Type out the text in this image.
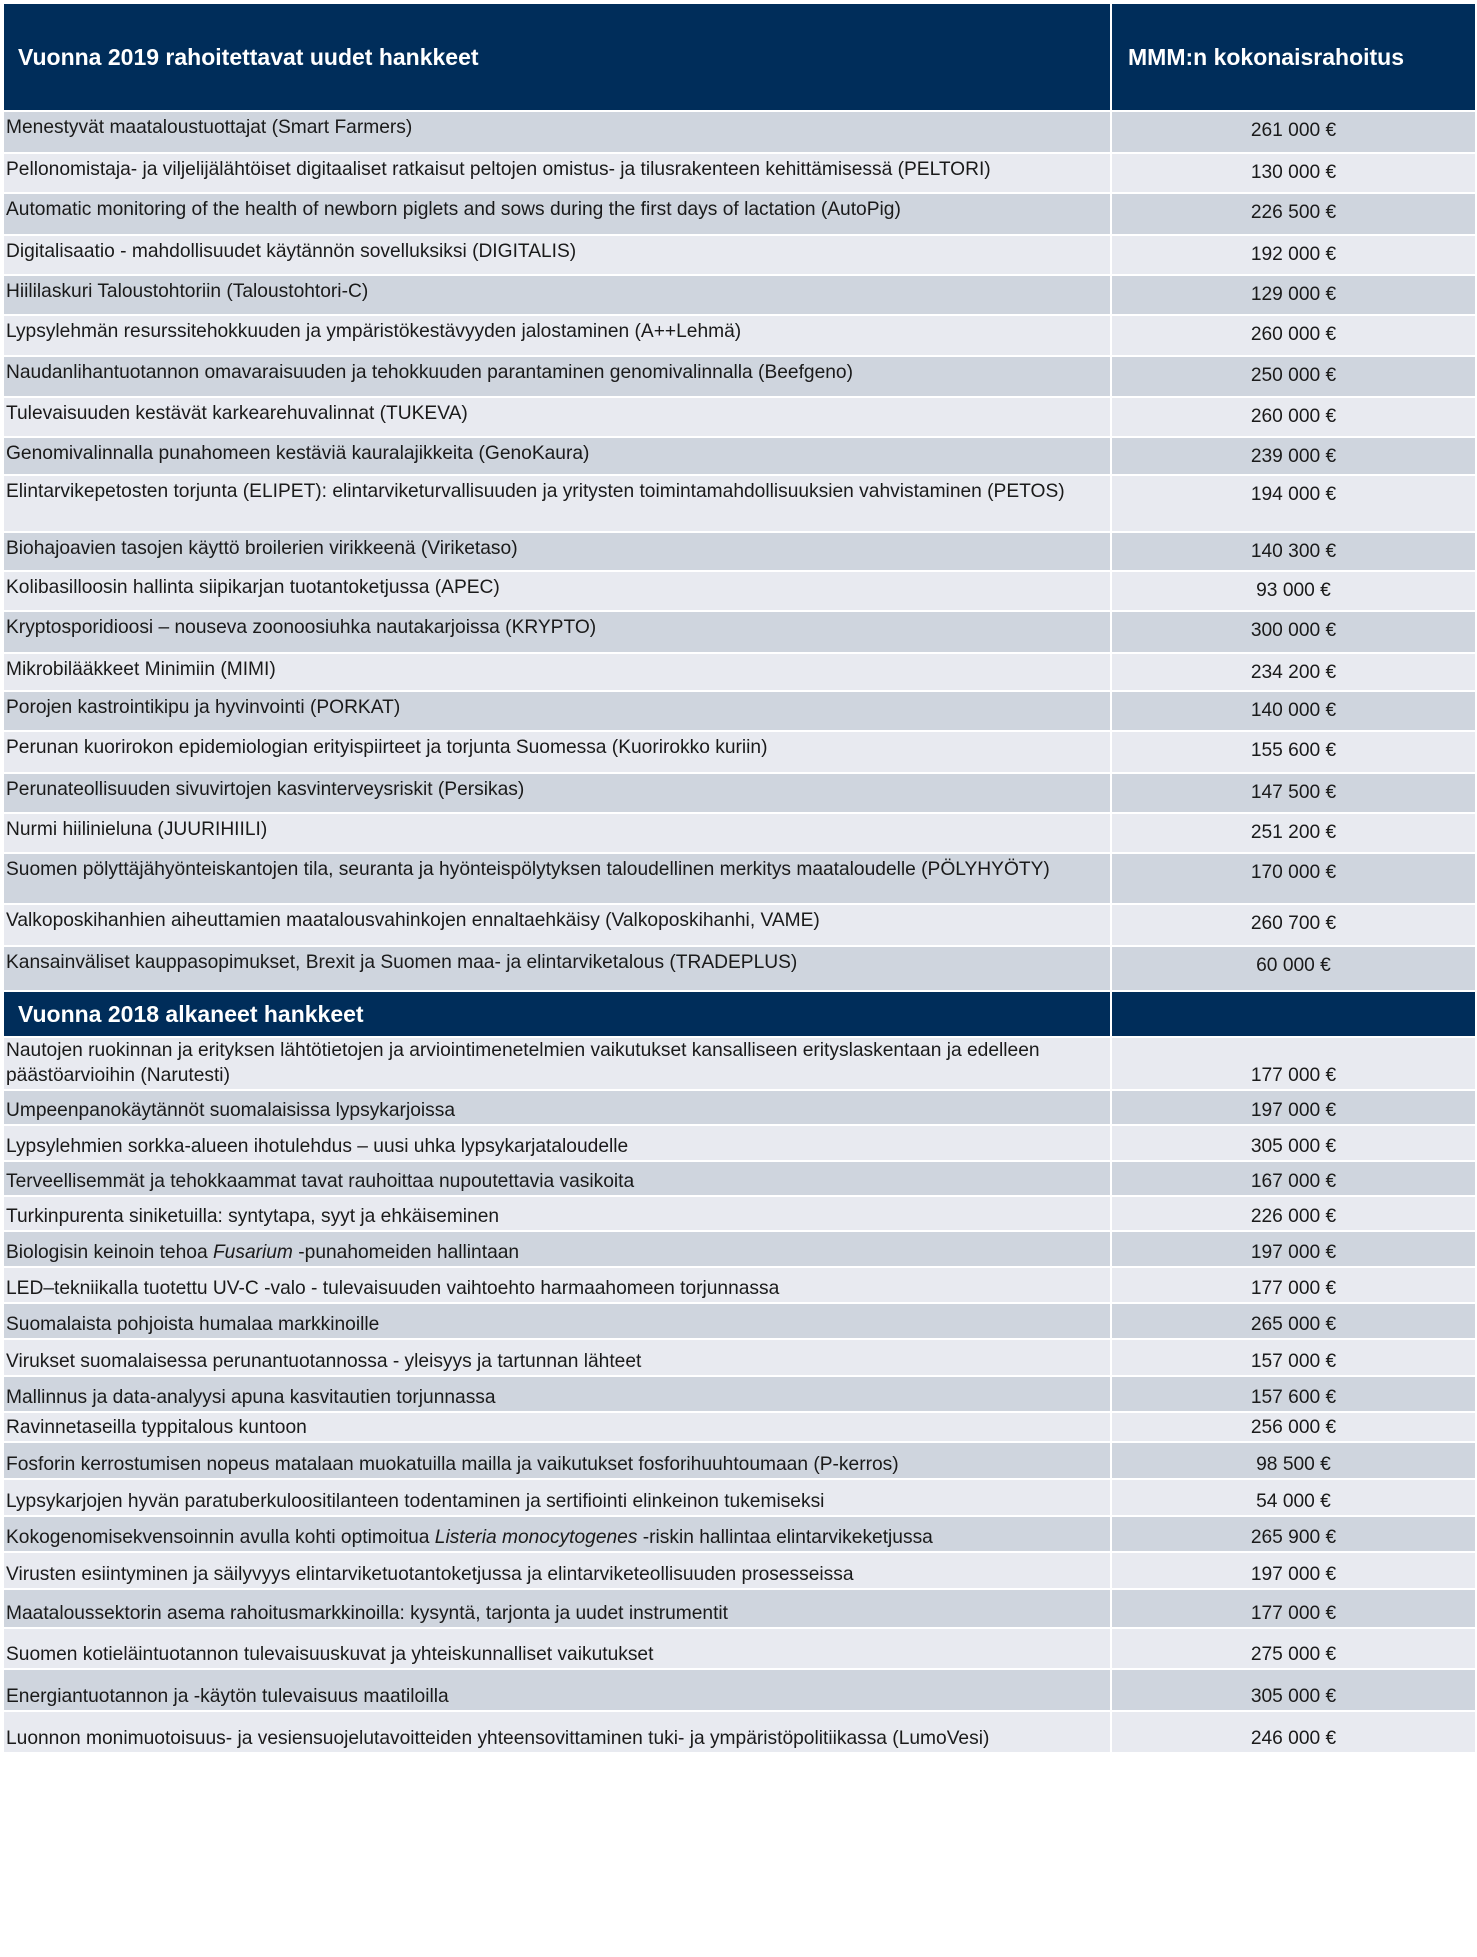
Vuonna 2019 rahoitettavat uudet hankkeet	MMM:n kokonaisrahoitus
Menestyvät maataloustuottajat (Smart Farmers)	261 000 €
Pellonomistaja- ja viljelijälähtöiset digitaaliset ratkaisut peltojen omistus- ja tilusrakenteen kehittämisessä (PELTORI)	130 000 €
Automatic monitoring of the health of newborn piglets and sows during the first days of lactation (AutoPig)	226 500 €
Digitalisaatio - mahdollisuudet käytännön sovelluksiksi (DIGITALIS)	192 000 €
Hiililaskuri Taloustohtoriin (Taloustohtori-C)	129 000 €
Lypsylehmän resurssitehokkuuden ja ympäristökestävyyden jalostaminen (A++Lehmä)	260 000 €
Naudanlihantuotannon omavaraisuuden ja tehokkuuden parantaminen genomivalinnalla (Beefgeno)	250 000 €
Tulevaisuuden kestävät karkearehuvalinnat (TUKEVA)	260 000 €
Genomivalinnalla punahomeen kestäviä kauralajikkeita (GenoKaura)	239 000 €
Elintarvikepetosten torjunta (ELIPET): elintarviketurvallisuuden ja yritysten toimintamahdollisuuksien vahvistaminen (PETOS)	194 000 €
Biohajoavien tasojen käyttö broilerien virikkeenä (Viriketaso)	140 300 €
Kolibasilloosin hallinta siipikarjan tuotantoketjussa (APEC)	93 000 €
Kryptosporidioosi – nouseva zoonoosiuhka nautakarjoissa (KRYPTO)	300 000 €
Mikrobilääkkeet Minimiin (MIMI)	234 200 €
Porojen kastrointikipu ja hyvinvointi (PORKAT)	140 000 €
Perunan kuorirokon epidemiologian erityispiirteet ja torjunta Suomessa (Kuorirokko kuriin)	155 600 €
Perunateollisuuden sivuvirtojen kasvinterveysriskit (Persikas)	147 500 €
Nurmi hiilinieluna (JUURIHIILI)	251 200 €
Suomen pölyttäjähyönteiskantojen tila, seuranta ja hyönteispölytyksen taloudellinen merkitys maataloudelle (PÖLYHYÖTY)	170 000 €
Valkoposkihanhien aiheuttamien maatalousvahinkojen ennaltaehkäisy (Valkoposkihanhi, VAME)	260 700 €
Kansainväliset kauppasopimukset, Brexit ja Suomen maa- ja elintarviketalous (TRADEPLUS)	60 000 €
Vuonna 2018 alkaneet hankkeet	
Nautojen ruokinnan ja erityksen lähtötietojen ja arviointimenetelmien vaikutukset kansalliseen erityslaskentaan ja edelleen päästöarvioihin (Narutesti)	177 000 €
Umpeenpanokäytännöt suomalaisissa lypsykarjoissa	197 000 €
Lypsylehmien sorkka-alueen ihotulehdus – uusi uhka lypsykarjataloudelle	305 000 €
Terveellisemmät ja tehokkaammat tavat rauhoittaa nupoutettavia vasikoita	167 000 €
Turkinpurenta siniketuilla: syntytapa, syyt ja ehkäiseminen	226 000 €
Biologisin keinoin tehoa Fusarium -punahomeiden hallintaan	197 000 €
LED–tekniikalla tuotettu UV-C -valo - tulevaisuuden vaihtoehto harmaahomeen torjunnassa	177 000 €
Suomalaista pohjoista humalaa markkinoille	265 000 €
Virukset suomalaisessa perunantuotannossa - yleisyys ja tartunnan lähteet	157 000 €
Mallinnus ja data-analyysi apuna kasvitautien torjunnassa	157 600 €
Ravinnetaseilla typpitalous kuntoon	256 000 €
Fosforin kerrostumisen nopeus matalaan muokatuilla mailla ja vaikutukset fosforihuuhtoumaan (P-kerros)	98 500 €
Lypsykarjojen hyvän paratuberkuloositilanteen todentaminen ja sertifiointi elinkeinon tukemiseksi	54 000 €
Kokogenomisekvensoinnin avulla kohti optimoitua Listeria monocytogenes -riskin hallintaa elintarvikeketjussa	265 900 €
Virusten esiintyminen ja säilyvyys elintarviketuotantoketjussa ja elintarviketeollisuuden prosesseissa	197 000 €
Maataloussektorin asema rahoitusmarkkinoilla: kysyntä, tarjonta ja uudet instrumentit	177 000 €
Suomen kotieläintuotannon tulevaisuuskuvat ja yhteiskunnalliset vaikutukset	275 000 €
Energiantuotannon ja -käytön tulevaisuus maatiloilla	305 000 €
Luonnon monimuotoisuus- ja vesiensuojelutavoitteiden yhteensovittaminen tuki- ja ympäristöpolitiikassa (LumoVesi)	246 000 €
